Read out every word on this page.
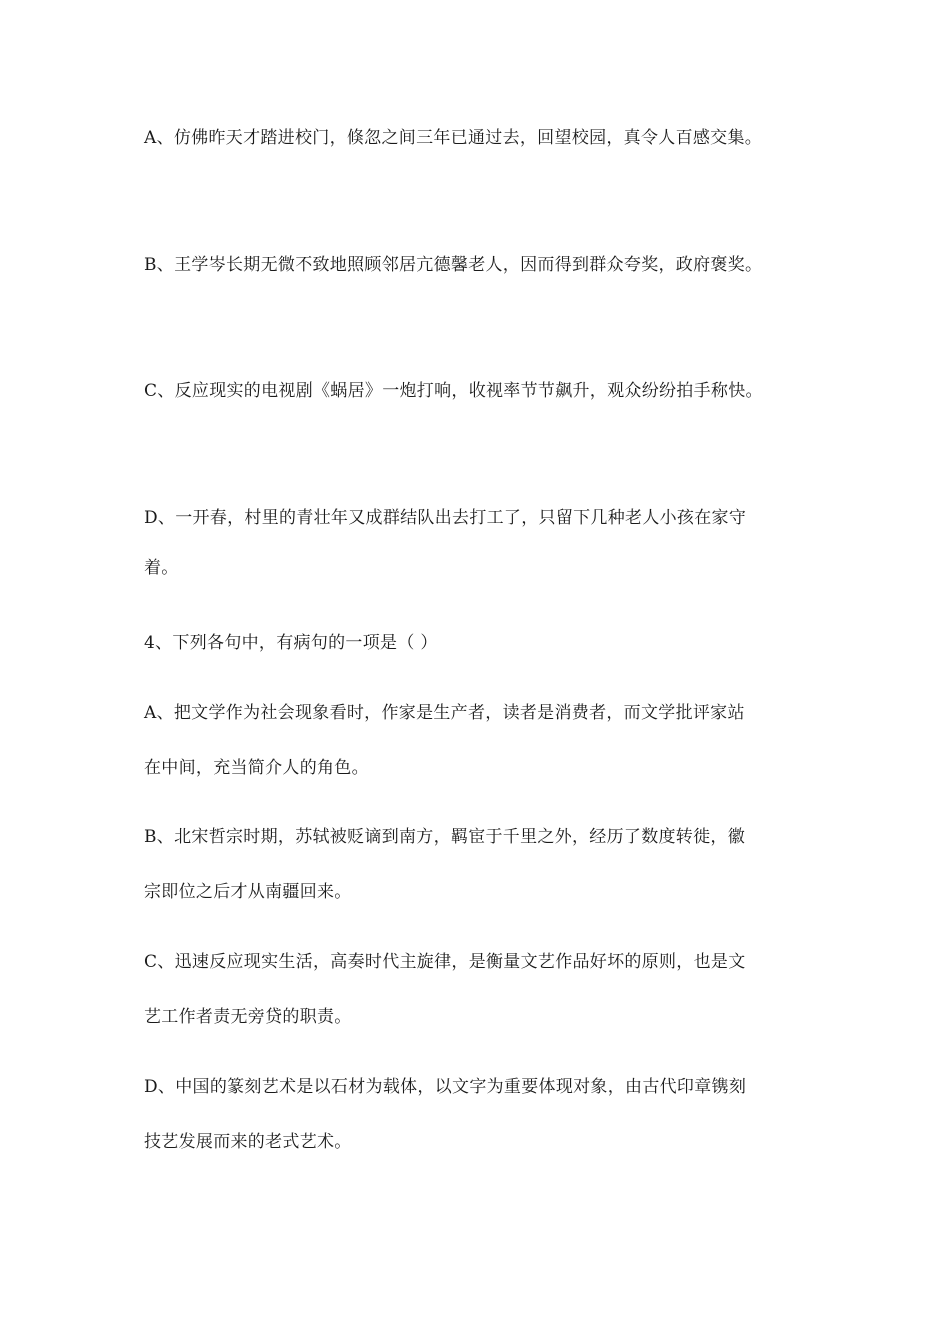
A、仿佛昨天才踏进校门，倏忽之间三年已通过去，回望校园，真令人百感交集。
B、王学岑长期无微不致地照顾邻居亢德馨老人，因而得到群众夸奖，政府褒奖。
C、反应现实的电视剧《蜗居》一炮打响，收视率节节飙升，观众纷纷拍手称快。
D、一开春，村里的青壮年又成群结队出去打工了，只留下几种老人小孩在家守
着。
4、下列各句中，有病句的一项是（ ）
A、把文学作为社会现象看时，作家是生产者，读者是消费者，而文学批评家站
在中间，充当简介人的角色。
B、北宋哲宗时期，苏轼被贬谪到南方，羁宦于千里之外，经历了数度转徙，徽
宗即位之后才从南疆回来。
C、迅速反应现实生活，高奏时代主旋律，是衡量文艺作品好坏的原则，也是文
艺工作者责无旁贷的职责。
D、中国的篆刻艺术是以石材为载体，以文字为重要体现对象，由古代印章镌刻
技艺发展而来的老式艺术。
